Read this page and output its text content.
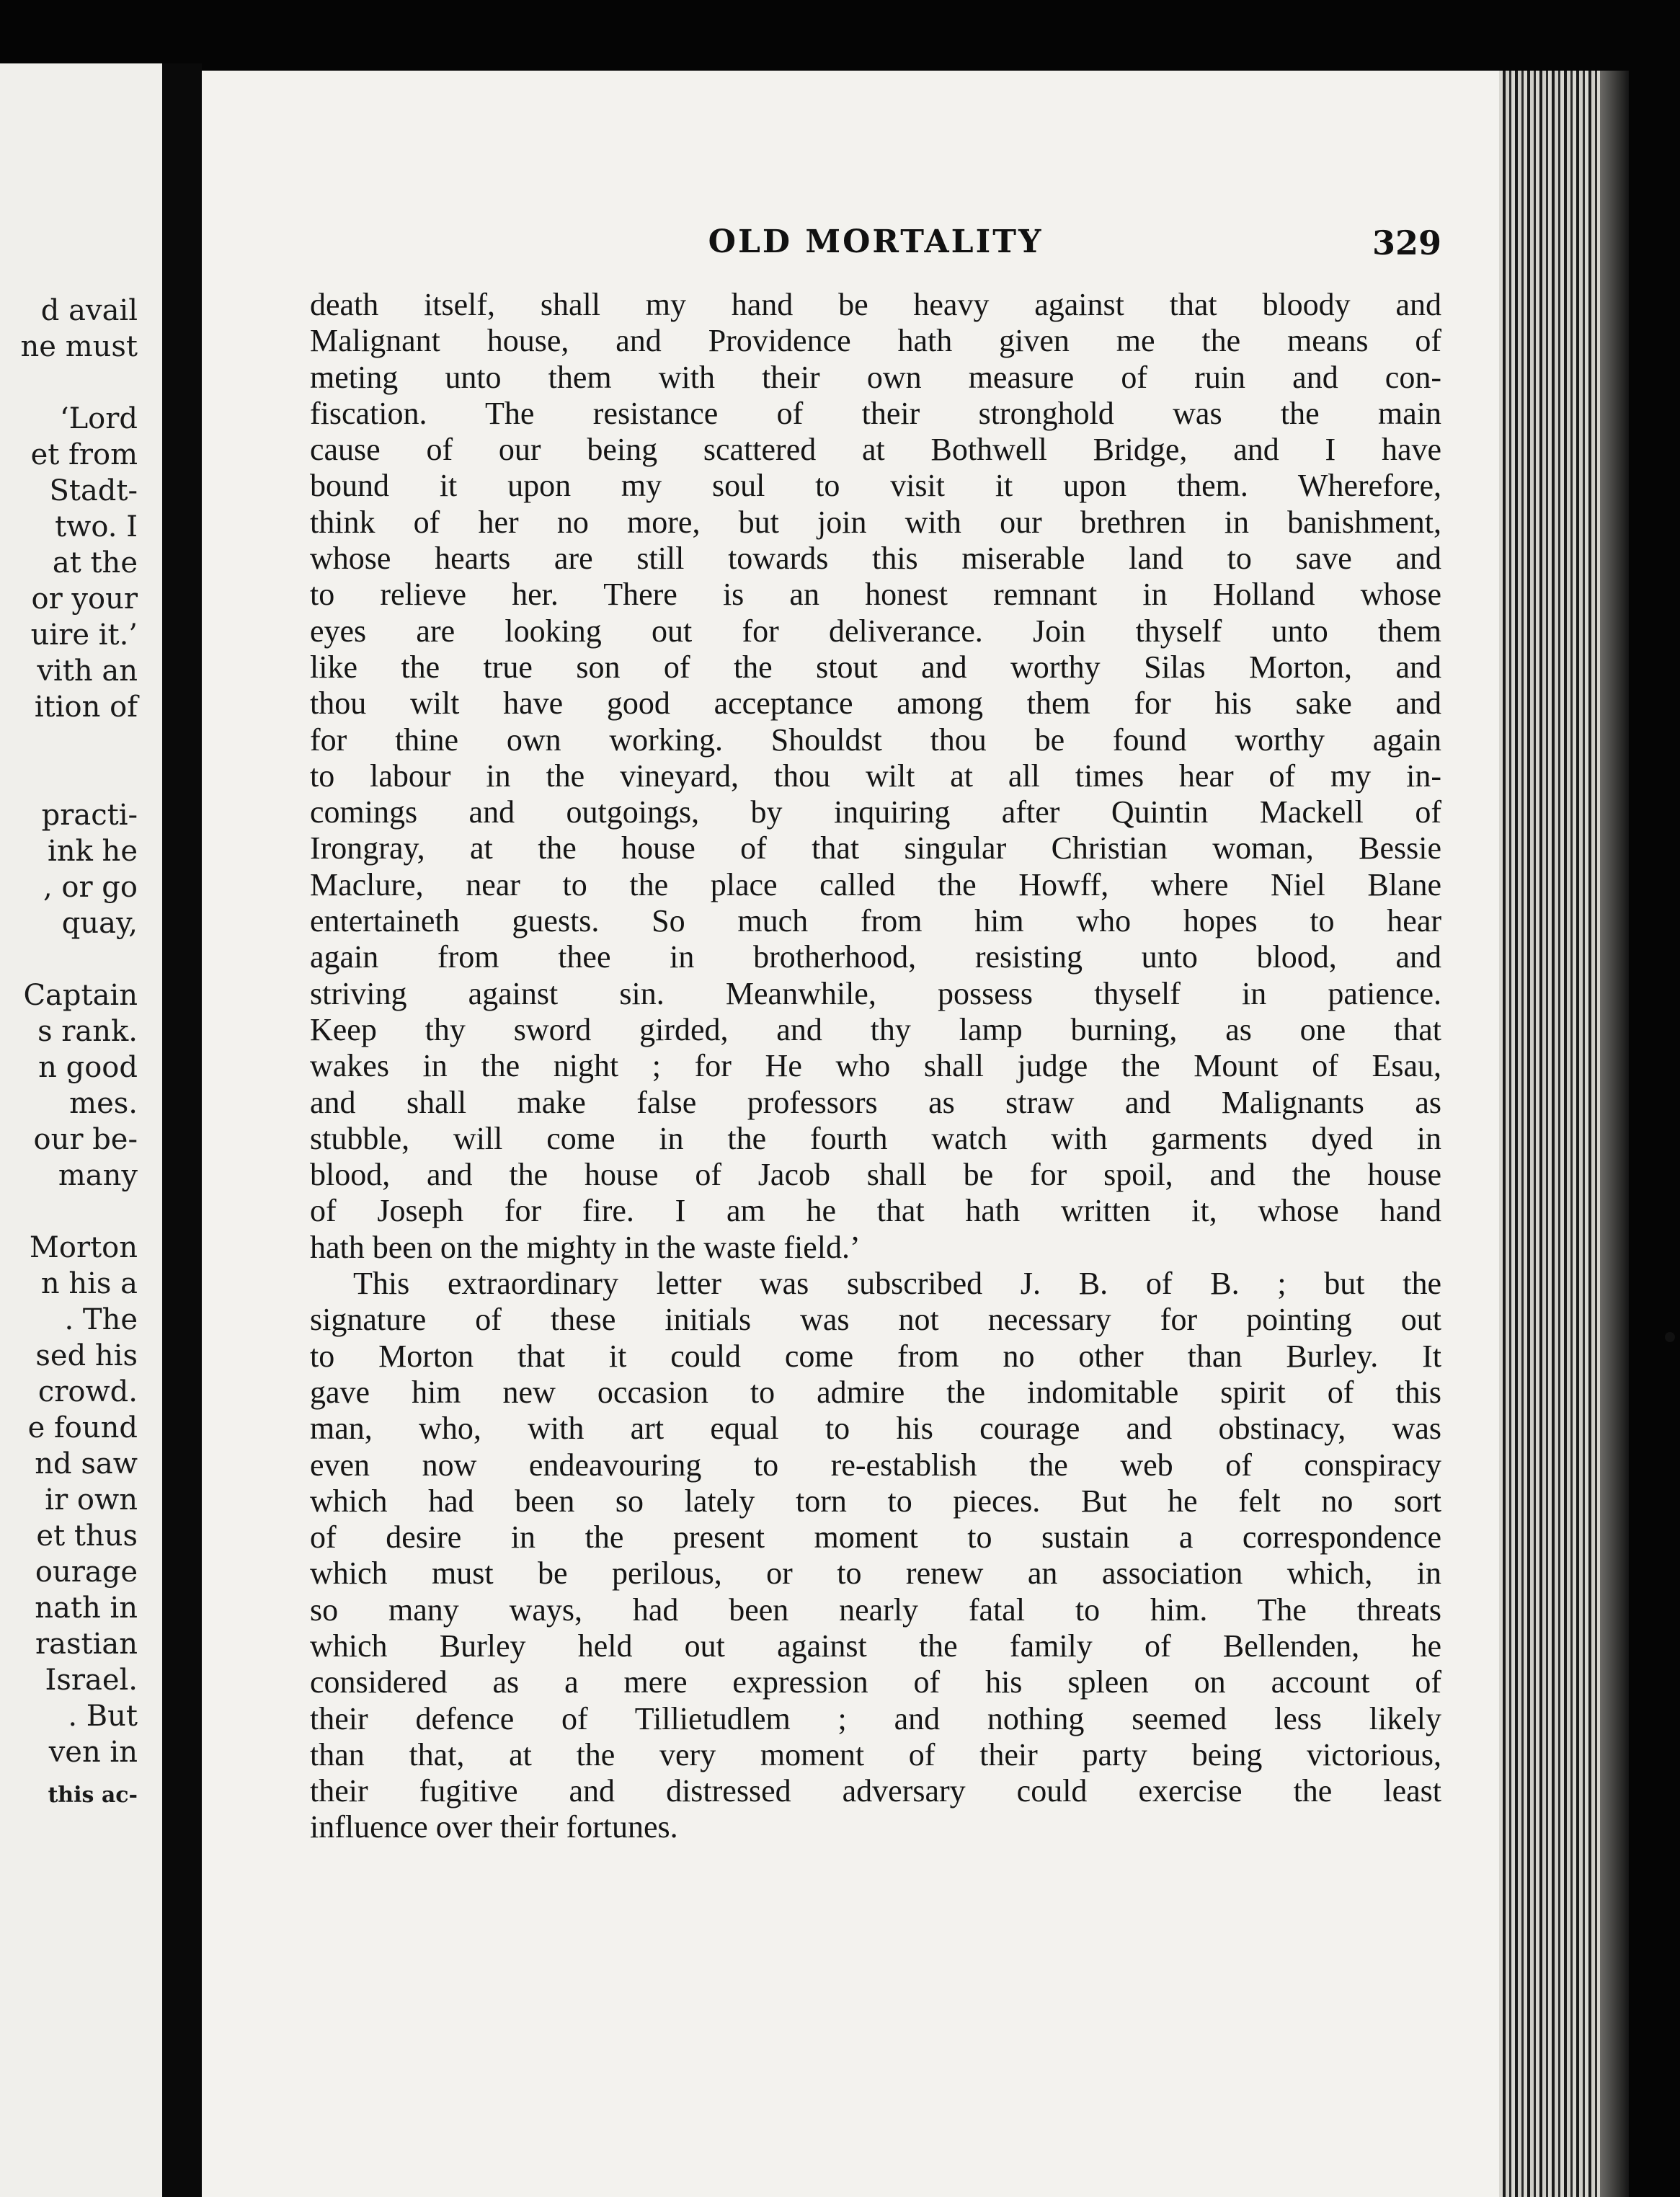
d avail
ne must
‘Lord
et from
Stadt-
two. I
at the
or your
uire it.’
vith an
ition of
practi-
ink he
, or go
quay,
Captain
s rank.
n good
mes.
our be-
many
Morton
n his a
. The
sed his
crowd.
e found
nd saw
ir own
et thus
ourage
nath in
rastian
Israel.
. But
ven in
this ac-
OLD MORTALITY	329
death itself, shall my hand be heavy against that bloody and
Malignant house, and Providence hath given me the means of
meting unto them with their own measure of ruin and con-
fiscation. The resistance of their stronghold was the main
cause of our being scattered at Bothwell Bridge, and I have
bound it upon my soul to visit it upon them. Wherefore,
think of her no more, but join with our brethren in banishment,
whose hearts are still towards this miserable land to save and
to relieve her. There is an honest remnant in Holland whose
eyes are looking out for deliverance. Join thyself unto them
like the true son of the stout and worthy Silas Morton, and
thou wilt have good acceptance among them for his sake and
for thine own working. Shouldst thou be found worthy again
to labour in the vineyard, thou wilt at all times hear of my in-
comings and outgoings, by inquiring after Quintin Mackell of
Irongray, at the house of that singular Christian woman, Bessie
Maclure, near to the place called the Howff, where Niel Blane
entertaineth guests. So much from him who hopes to hear
again from thee in brotherhood, resisting unto blood, and
striving against sin. Meanwhile, possess thyself in patience.
Keep thy sword girded, and thy lamp burning, as one that
wakes in the night ; for He who shall judge the Mount of Esau,
and shall make false professors as straw and Malignants as
stubble, will come in the fourth watch with garments dyed in
blood, and the house of Jacob shall be for spoil, and the house
of Joseph for fire. I am he that hath written it, whose hand
hath been on the mighty in the waste field.’
This extraordinary letter was subscribed J. B. of B. ; but the
signature of these initials was not necessary for pointing out
to Morton that it could come from no other than Burley. It
gave him new occasion to admire the indomitable spirit of this
man, who, with art equal to his courage and obstinacy, was
even now endeavouring to re-establish the web of conspiracy
which had been so lately torn to pieces. But he felt no sort
of desire in the present moment to sustain a correspondence
which must be perilous, or to renew an association which, in
so many ways, had been nearly fatal to him. The threats
which Burley held out against the family of Bellenden, he
considered as a mere expression of his spleen on account of
their defence of Tillietudlem ; and nothing seemed less likely
than that, at the very moment of their party being victorious,
their fugitive and distressed adversary could exercise the least
influence over their fortunes.
